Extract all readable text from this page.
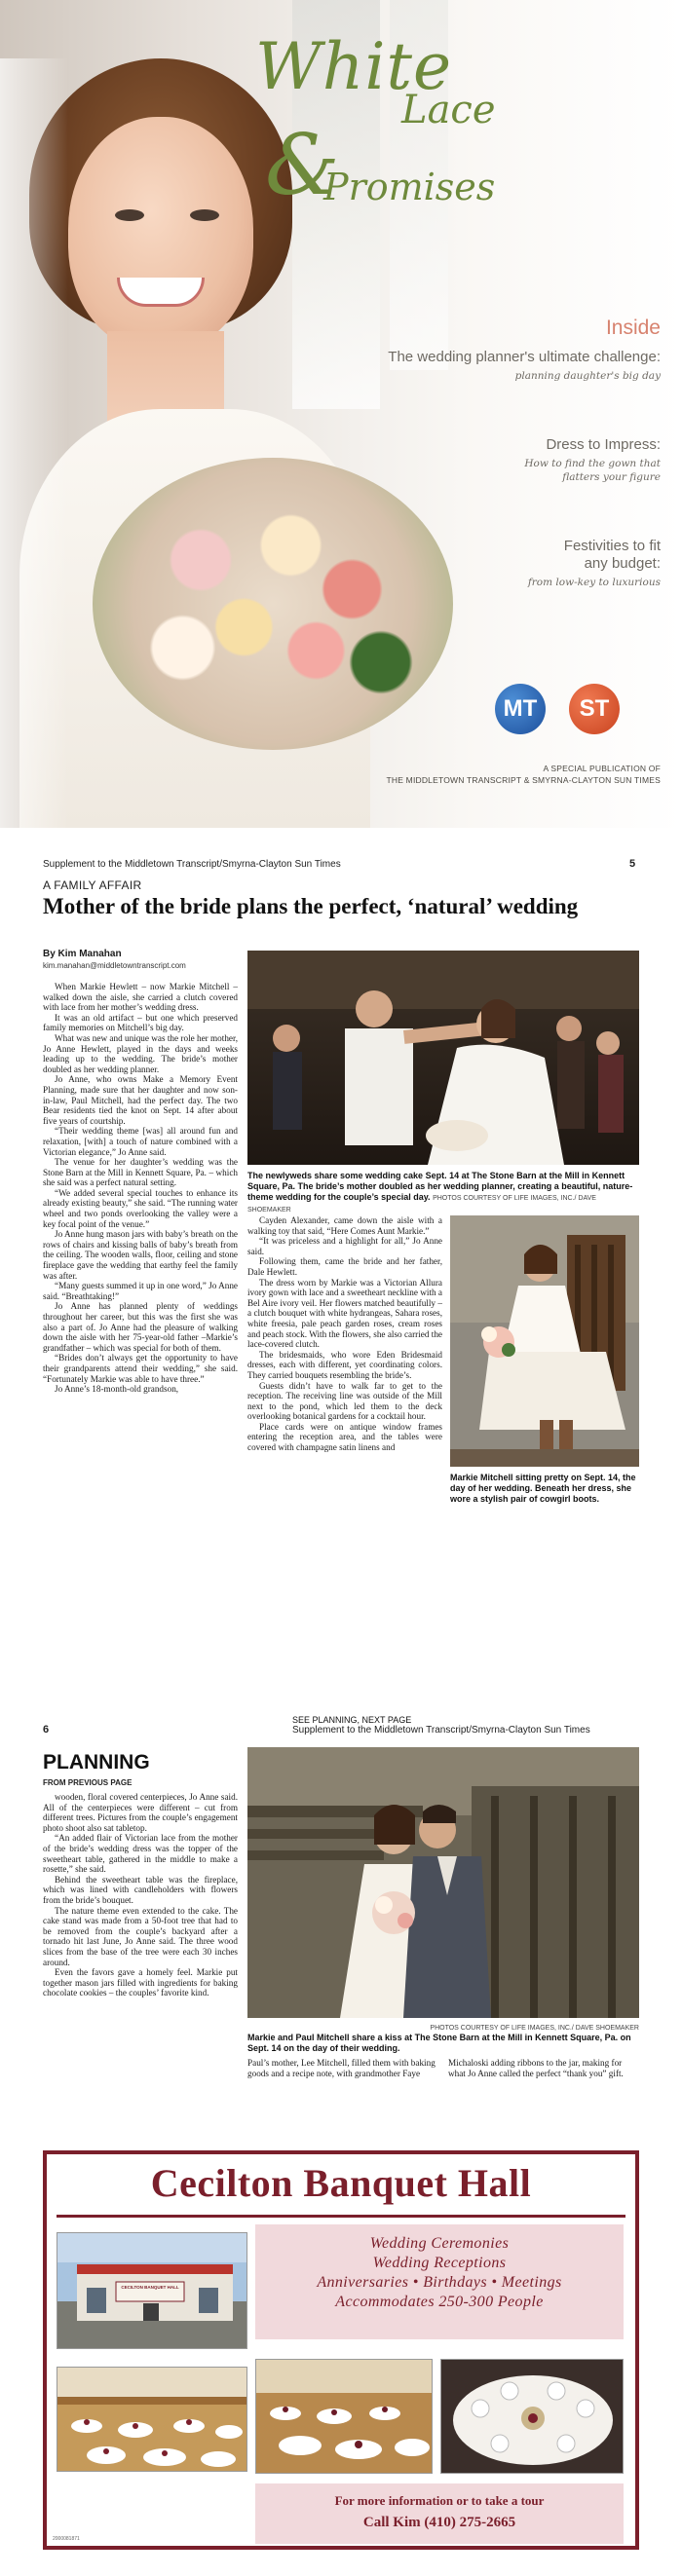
White
Lace
&
Promises
Inside
The wedding planner's ultimate challenge:
planning daughter's big day
Dress to Impress:
How to find the gown that
flatters your figure
Festivities to fit
any budget:
from low-key to luxurious
MT	ST
A SPECIAL PUBLICATION OF
THE MIDDLETOWN TRANSCRIPT & SMYRNA-CLAYTON SUN TIMES
Supplement to the Middletown Transcript/Smyrna-Clayton Sun Times	5
A FAMILY AFFAIR
Mother of the bride plans the perfect, ‘natural’ wedding
By Kim Manahan
kim.manahan@middletowntranscript.com

When Markie Hewlett – now Markie Mitchell – walked down the aisle, she carried a clutch covered with lace from her mother’s wedding dress.

It was an old artifact – but one which preserved family memories on Mitchell’s big day.

What was new and unique was the role her mother, Jo Anne Hewlett, played in the days and weeks leading up to the wedding. The bride’s mother doubled as her wedding planner.

Jo Anne, who owns Make a Memory Event Planning, made sure that her daughter and now son-in-law, Paul Mitchell, had the perfect day. The two Bear residents tied the knot on Sept. 14 after about five years of courtship.

“Their wedding theme [was] all around fun and relaxation, [with] a touch of nature combined with a Victorian elegance,” Jo Anne said.

The venue for her daughter’s wedding was the Stone Barn at the Mill in Kennett Square, Pa. – which she said was a perfect natural setting.

“We added several special touches to enhance its already existing beauty,” she said. “The running water wheel and two ponds overlooking the valley were a key focal point of the venue.”

Jo Anne hung mason jars with baby’s breath on the rows of chairs and kissing balls of baby’s breath from the ceiling. The wooden walls, floor, ceiling and stone fireplace gave the wedding that earthy feel the family was after.

“Many guests summed it up in one word,” Jo Anne said. “Breathtaking!”

Jo Anne has planned plenty of weddings throughout her career, but this was the first she was also a part of. Jo Anne had the pleasure of walking down the aisle with her 75-year-old father –Markie’s grandfather – which was special for both of them.

“Brides don’t always get the opportunity to have their grandparents attend their wedding,” she said. “Fortunately Markie was able to have three.”

Jo Anne’s 18-month-old grandson,

The newlyweds share some wedding cake Sept. 14 at The Stone Barn at the Mill in Kennett Square, Pa. The bride’s mother doubled as her wedding planner, creating a beautiful, nature-theme wedding for the couple’s special day. PHOTOS COURTESY OF LIFE IMAGES, INC./ DAVE SHOEMAKER

Cayden Alexander, came down the aisle with a walking toy that said, “Here Comes Aunt Markie.”

“It was priceless and a highlight for all,” Jo Anne said.

Following them, came the bride and her father, Dale Hewlett.

The dress worn by Markie was a Victorian Allura ivory gown with lace and a sweetheart neckline with a Bel Aire ivory veil. Her flowers matched beautifully – a clutch bouquet with white hydrangeas, Sahara roses, white freesia, pale peach garden roses, cream roses and peach stock. With the flowers, she also carried the lace-covered clutch.

The bridesmaids, who wore Eden Bridesmaid dresses, each with different, yet coordinating colors. They carried bouquets resembling the bride’s.

Guests didn’t have to walk far to get to the reception. The receiving line was outside of the Mill next to the pond, which led them to the deck overlooking botanical gardens for a cocktail hour.

Place cards were on antique window frames entering the reception area, and the tables were covered with champagne satin linens and

SEE PLANNING, NEXT PAGE
Markie Mitchell sitting pretty on Sept. 14, the day of her wedding. Beneath her dress, she wore a stylish pair of cowgirl boots.
6	Supplement to the Middletown Transcript/Smyrna-Clayton Sun Times
PLANNING
FROM PREVIOUS PAGE

wooden, floral covered centerpieces, Jo Anne said. All of the centerpieces were different – cut from different trees. Pictures from the couple’s engagement photo shoot also sat tabletop.

“An added flair of Victorian lace from the mother of the bride’s wedding dress was the topper of the sweetheart table, gathered in the middle to make a rosette,” she said.

Behind the sweetheart table was the fireplace, which was lined with candleholders with flowers from the bride’s bouquet.

The nature theme even extended to the cake. The cake stand was made from a 50-foot tree that had to be removed from the couple’s backyard after a tornado hit last June, Jo Anne said. The three wood slices from the base of the tree were each 30 inches around.

Even the favors gave a homely feel. Markie put together mason jars filled with ingredients for baking chocolate cookies – the couples’ favorite kind.

PHOTOS COURTESY OF LIFE IMAGES, INC./ DAVE SHOEMAKER
Markie and Paul Mitchell share a kiss at The Stone Barn at the Mill in Kennett Square, Pa. on Sept. 14 on the day of their wedding.
Paul’s mother, Lee Mitchell, filled them with baking goods and a recipe note, with grandmother Faye
Michaloski adding ribbons to the jar, making for what Jo Anne called the perfect “thank you” gift.
Cecilton Banquet Hall
CECILTON BANQUET HALL
Wedding Ceremonies
Wedding Receptions
Anniversaries • Birthdays • Meetings
Accommodates 250-300 People
For more information or to take a tour
Call Kim (410) 275-2665
2000081871
